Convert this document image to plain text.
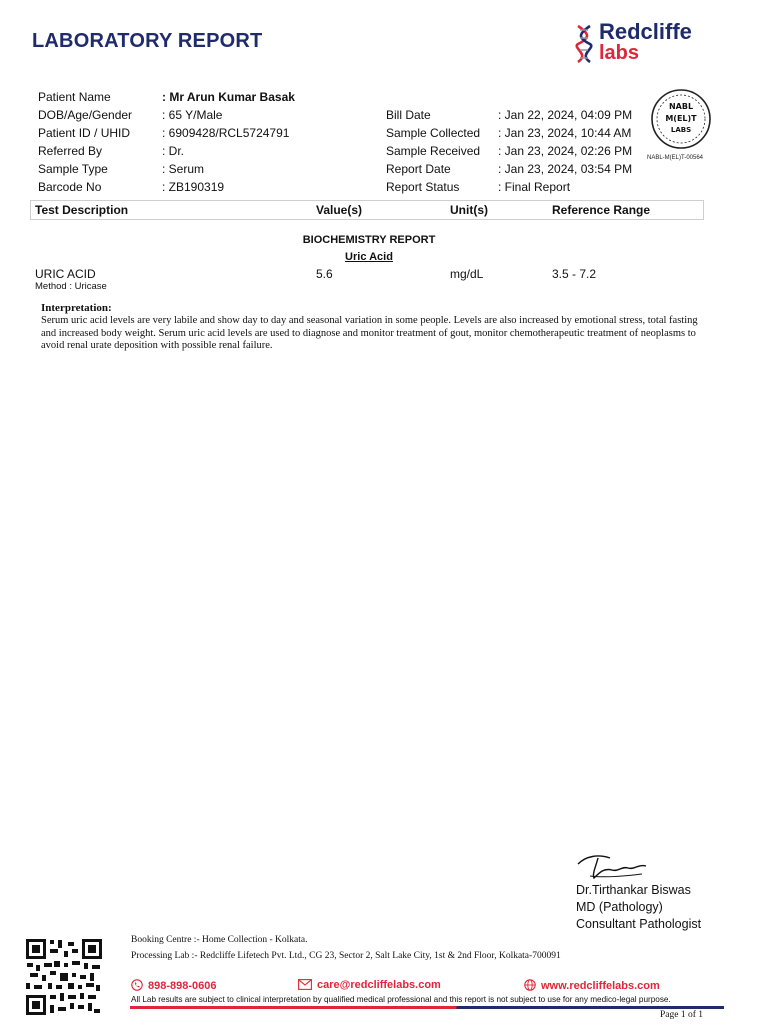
LABORATORY REPORT	Redcliffe
labs
Patient Name	: Mr Arun Kumar Basak
DOB/Age/Gender : 65 Y/Male
Patient ID / UHID	: 6909428/RCL5724791
Referred By	: Dr.
Sample Type	: Serum
Barcode No	: ZB190319
Bill Date	: Jan 22, 2024, 04:09 PM
Sample Collected : Jan 23, 2024, 10:44 AM
Sample Received : Jan 23, 2024, 02:26 PM
Report Date	: Jan 23, 2024, 03:54 PM
Report Status	: Final Report
NABL
M(EL)T
LABS
NABL-M(EL)T-00564
Test Description	Value(s)	Unit(s)	Reference Range
BIOCHEMISTRY REPORT
Uric Acid
URIC ACID
Method : Uricase
5.6	mg/dL	3.5 - 7.2
Interpretation:
Serum uric acid levels are very labile and show day to day and seasonal variation in some people. Levels are also increased by emotional stress, total fasting and increased body weight. Serum uric acid levels are used to diagnose and monitor treatment of gout, monitor chemotherapeutic treatment of neoplasms to avoid renal urate deposition with possible renal failure.
Dr.Tirthankar Biswas
MD (Pathology)
Consultant Pathologist
Booking Centre :- Home Collection - Kolkata.
Processing Lab :- Redcliffe Lifetech Pvt. Ltd., CG 23, Sector 2, Salt Lake City, 1st & 2nd Floor, Kolkata-700091
898-898-0606	care@redcliffelabs.com	www.redcliffelabs.com
All Lab results are subject to clinical interpretation by qualified medical professional and this report is not subject to use for any medico-legal purpose.
Page 1 of 1
